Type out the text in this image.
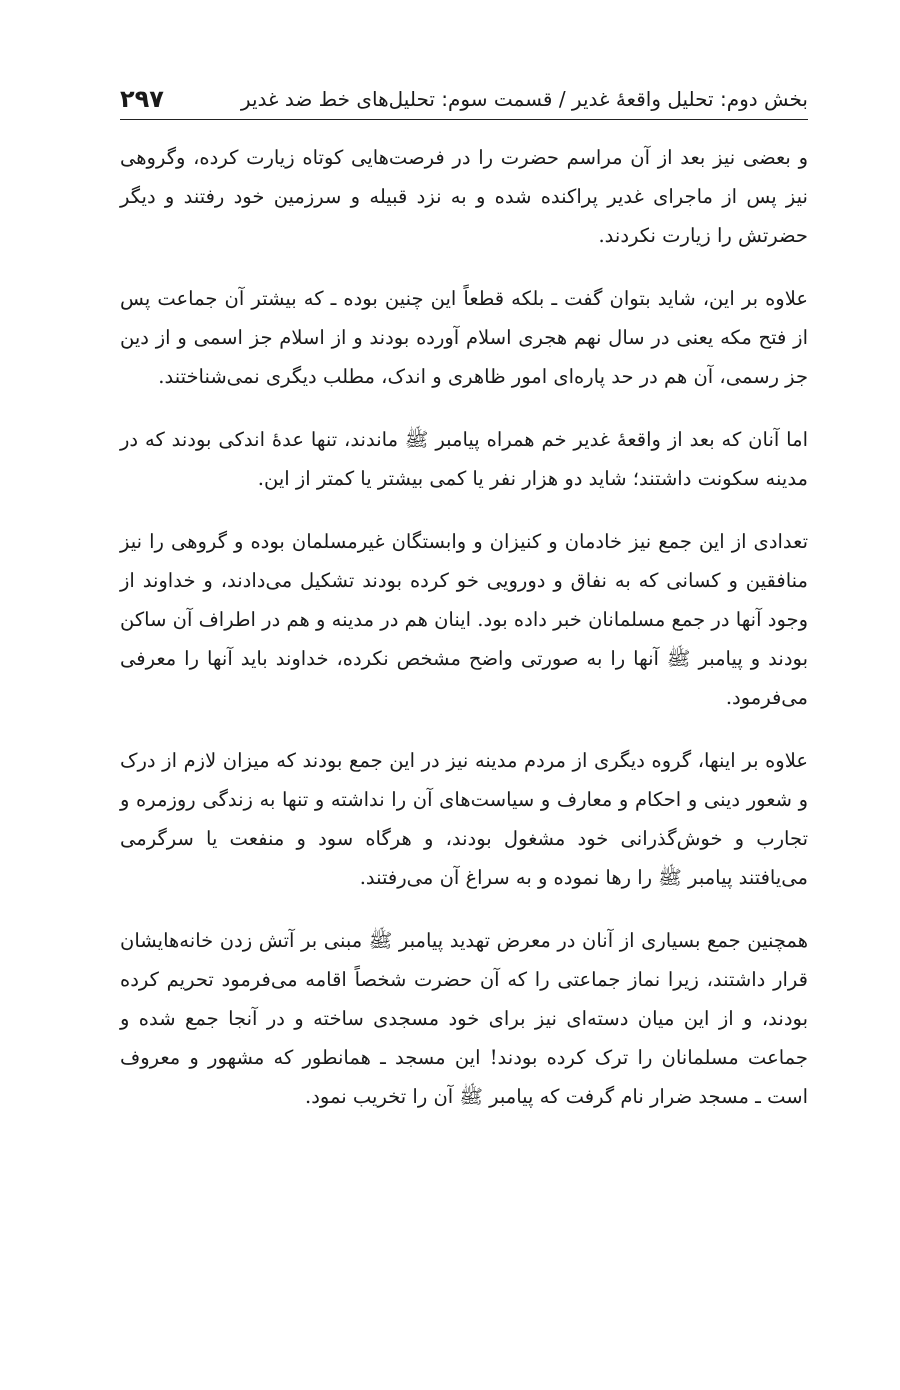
بخش دوم: تحلیل واقعهٔ غدیر / قسمت سوم: تحلیل‌های خط ضد غدیر
۲۹۷

و بعضی نیز بعد از آن مراسم حضرت را در فرصت‌هایی کوتاه زیارت کرده، وگروهی نیز پس از ماجرای غدیر پراکنده شده و به نزد قبیله و سرزمین خود رفتند و دیگر حضرتش را زیارت نکردند.

علاوه بر این، شاید بتوان گفت ـ بلکه قطعاً این چنین بوده ـ که بیشتر آن جماعت پس از فتح مکه یعنی در سال نهم هجری اسلام آورده بودند و از اسلام جز اسمی و از دین جز رسمی، آن هم در حد پاره‌ای امور ظاهری و اندک، مطلب دیگری نمی‌شناختند.

اما آنان که بعد از واقعهٔ غدیر خم همراه پیامبر ﷺ ماندند، تنها عدهٔ اندکی بودند که در مدینه سکونت داشتند؛ شاید دو هزار نفر یا کمی بیشتر یا کمتر از این.

تعدادی از این جمع نیز خادمان و کنیزان و وابستگان غیرمسلمان بوده و گروهی را نیز منافقین و کسانی که به نفاق و دورویی خو کرده بودند تشکیل می‌دادند، و خداوند از وجود آنها در جمع مسلمانان خبر داده بود. اینان هم در مدینه و هم در اطراف آن ساکن بودند و پیامبر ﷺ آنها را به صورتی واضح مشخص نکرده، خداوند باید آنها را معرفی می‌فرمود.

علاوه بر اینها، گروه دیگری از مردم مدینه نیز در این جمع بودند که میزان لازم از درک و شعور دینی و احکام و معارف و سیاست‌های آن را نداشته و تنها به زندگی روزمره و تجارب و خوش‌گذرانی خود مشغول بودند، و هرگاه سود و منفعت یا سرگرمی می‌یافتند پیامبر ﷺ را رها نموده و به سراغ آن می‌رفتند.

همچنین جمع بسیاری از آنان در معرض تهدید پیامبر ﷺ مبنی بر آتش زدن خانه‌هایشان قرار داشتند، زیرا نماز جماعتی را که آن حضرت شخصاً اقامه می‌فرمود تحریم کرده بودند، و از این میان دسته‌ای نیز برای خود مسجدی ساخته و در آنجا جمع شده و جماعت مسلمانان را ترک کرده بودند! این مسجد ـ همانطور که مشهور و معروف است ـ مسجد ضرار نام گرفت که پیامبر ﷺ آن را تخریب نمود.
